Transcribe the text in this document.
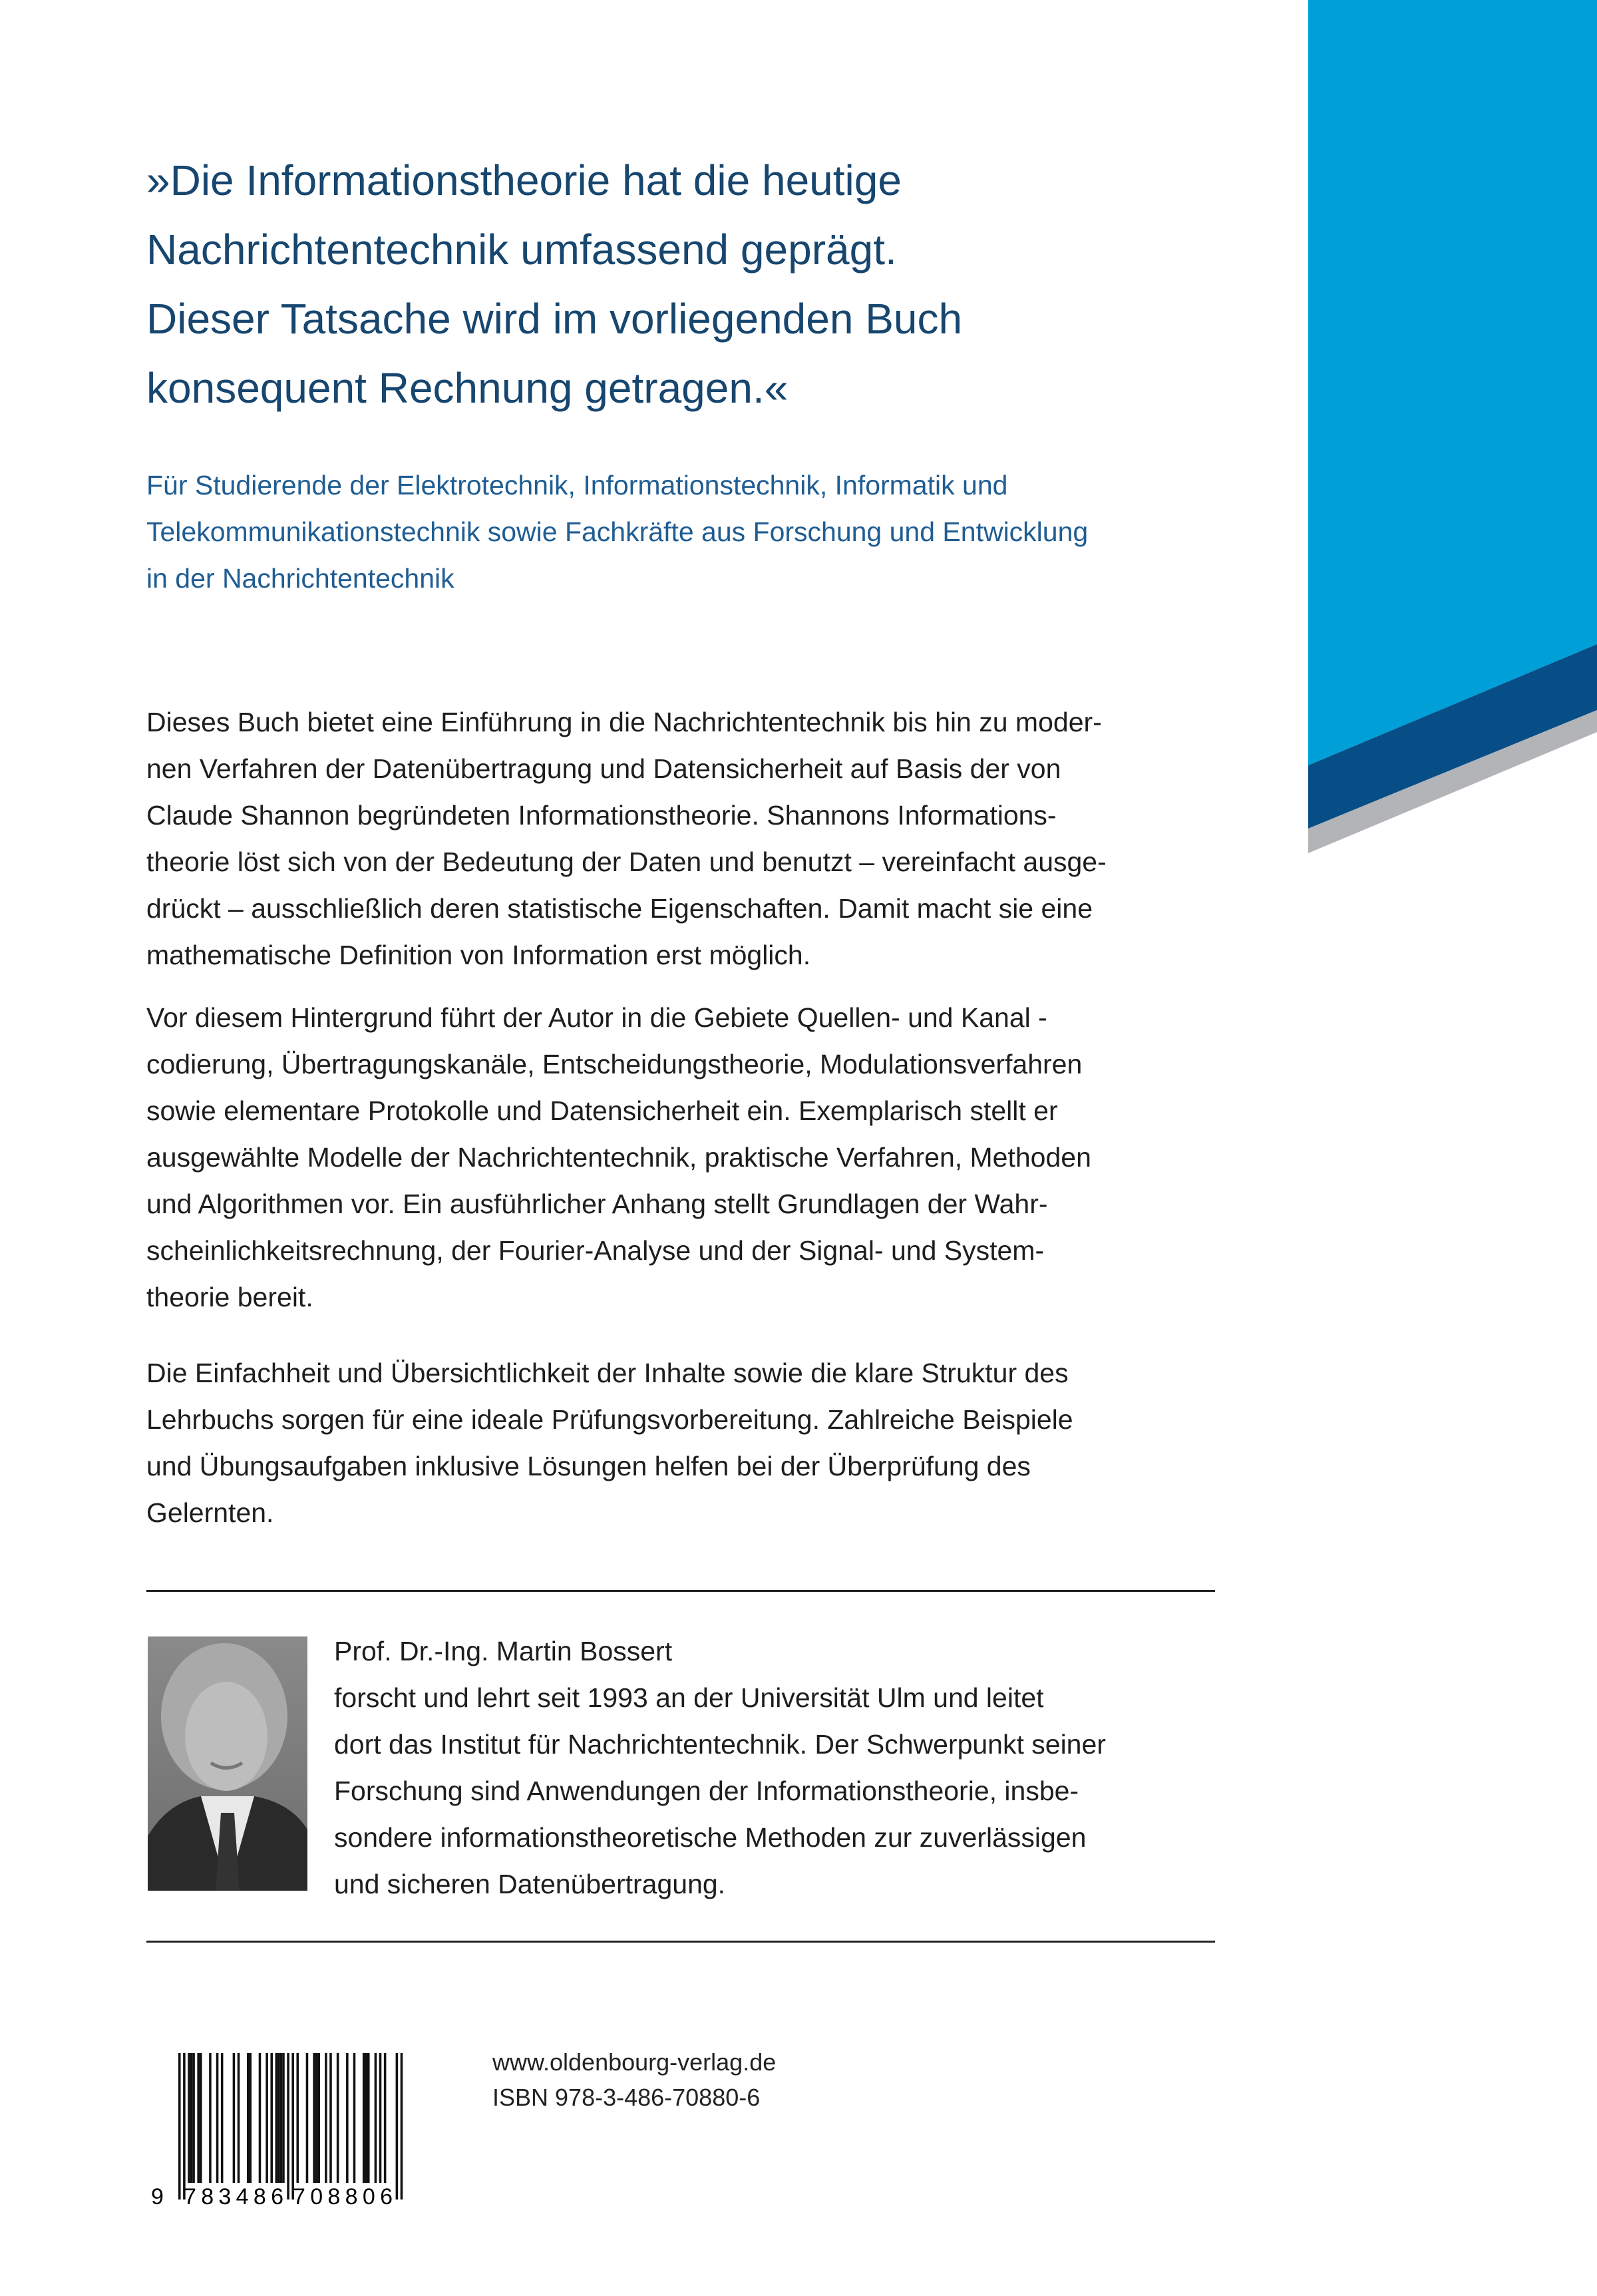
»Die Informationstheorie hat die heutige
Nachrichtentechnik umfassend geprägt.
Dieser Tatsache wird im vorliegenden Buch
konsequent Rechnung getragen.«
Für Studierende der Elektrotechnik, Informationstechnik, Informatik und
Telekommunikationstechnik sowie Fachkräfte aus Forschung und Entwicklung
in der Nachrichtentechnik
Dieses Buch bietet eine Einführung in die Nachrichtentechnik bis hin zu moder-
nen Verfahren der Datenübertragung und Datensicherheit auf Basis der von
Claude Shannon begründeten Informationstheorie. Shannons Informations-
theorie löst sich von der Bedeutung der Daten und benutzt – vereinfacht ausge-
drückt – ausschließlich deren statistische Eigenschaften. Damit macht sie eine
mathematische Definition von Information erst möglich.
Vor diesem Hintergrund führt der Autor in die Gebiete Quellen- und Kanal -
codierung, Übertragungskanäle, Entscheidungstheorie, Modulationsverfahren
sowie elementare Protokolle und Datensicherheit ein. Exemplarisch stellt er
ausgewählte Modelle der Nachrichtentechnik, praktische Verfahren, Methoden
und Algorithmen vor. Ein ausführlicher Anhang stellt Grundlagen der Wahr-
scheinlichkeitsrechnung, der Fourier-Analyse und der Signal- und System-
theorie bereit.
Die Einfachheit und Übersichtlichkeit der Inhalte sowie die klare Struktur des
Lehrbuchs sorgen für eine ideale Prüfungsvorbereitung. Zahlreiche Beispiele
und Übungsaufgaben inklusive Lösungen helfen bei der Überprüfung des
Gelernten.
Prof. Dr.-Ing. Martin Bossert
forscht und lehrt seit 1993 an der Universität Ulm und leitet
dort das Institut für Nachrichtentechnik. Der Schwerpunkt seiner
Forschung sind Anwendungen der Informationstheorie, insbe-
sondere informationstheoretische Methoden zur zuverlässigen
und sicheren Datenübertragung.
9 783486 708806
www.oldenbourg-verlag.de
ISBN 978-3-486-70880-6
